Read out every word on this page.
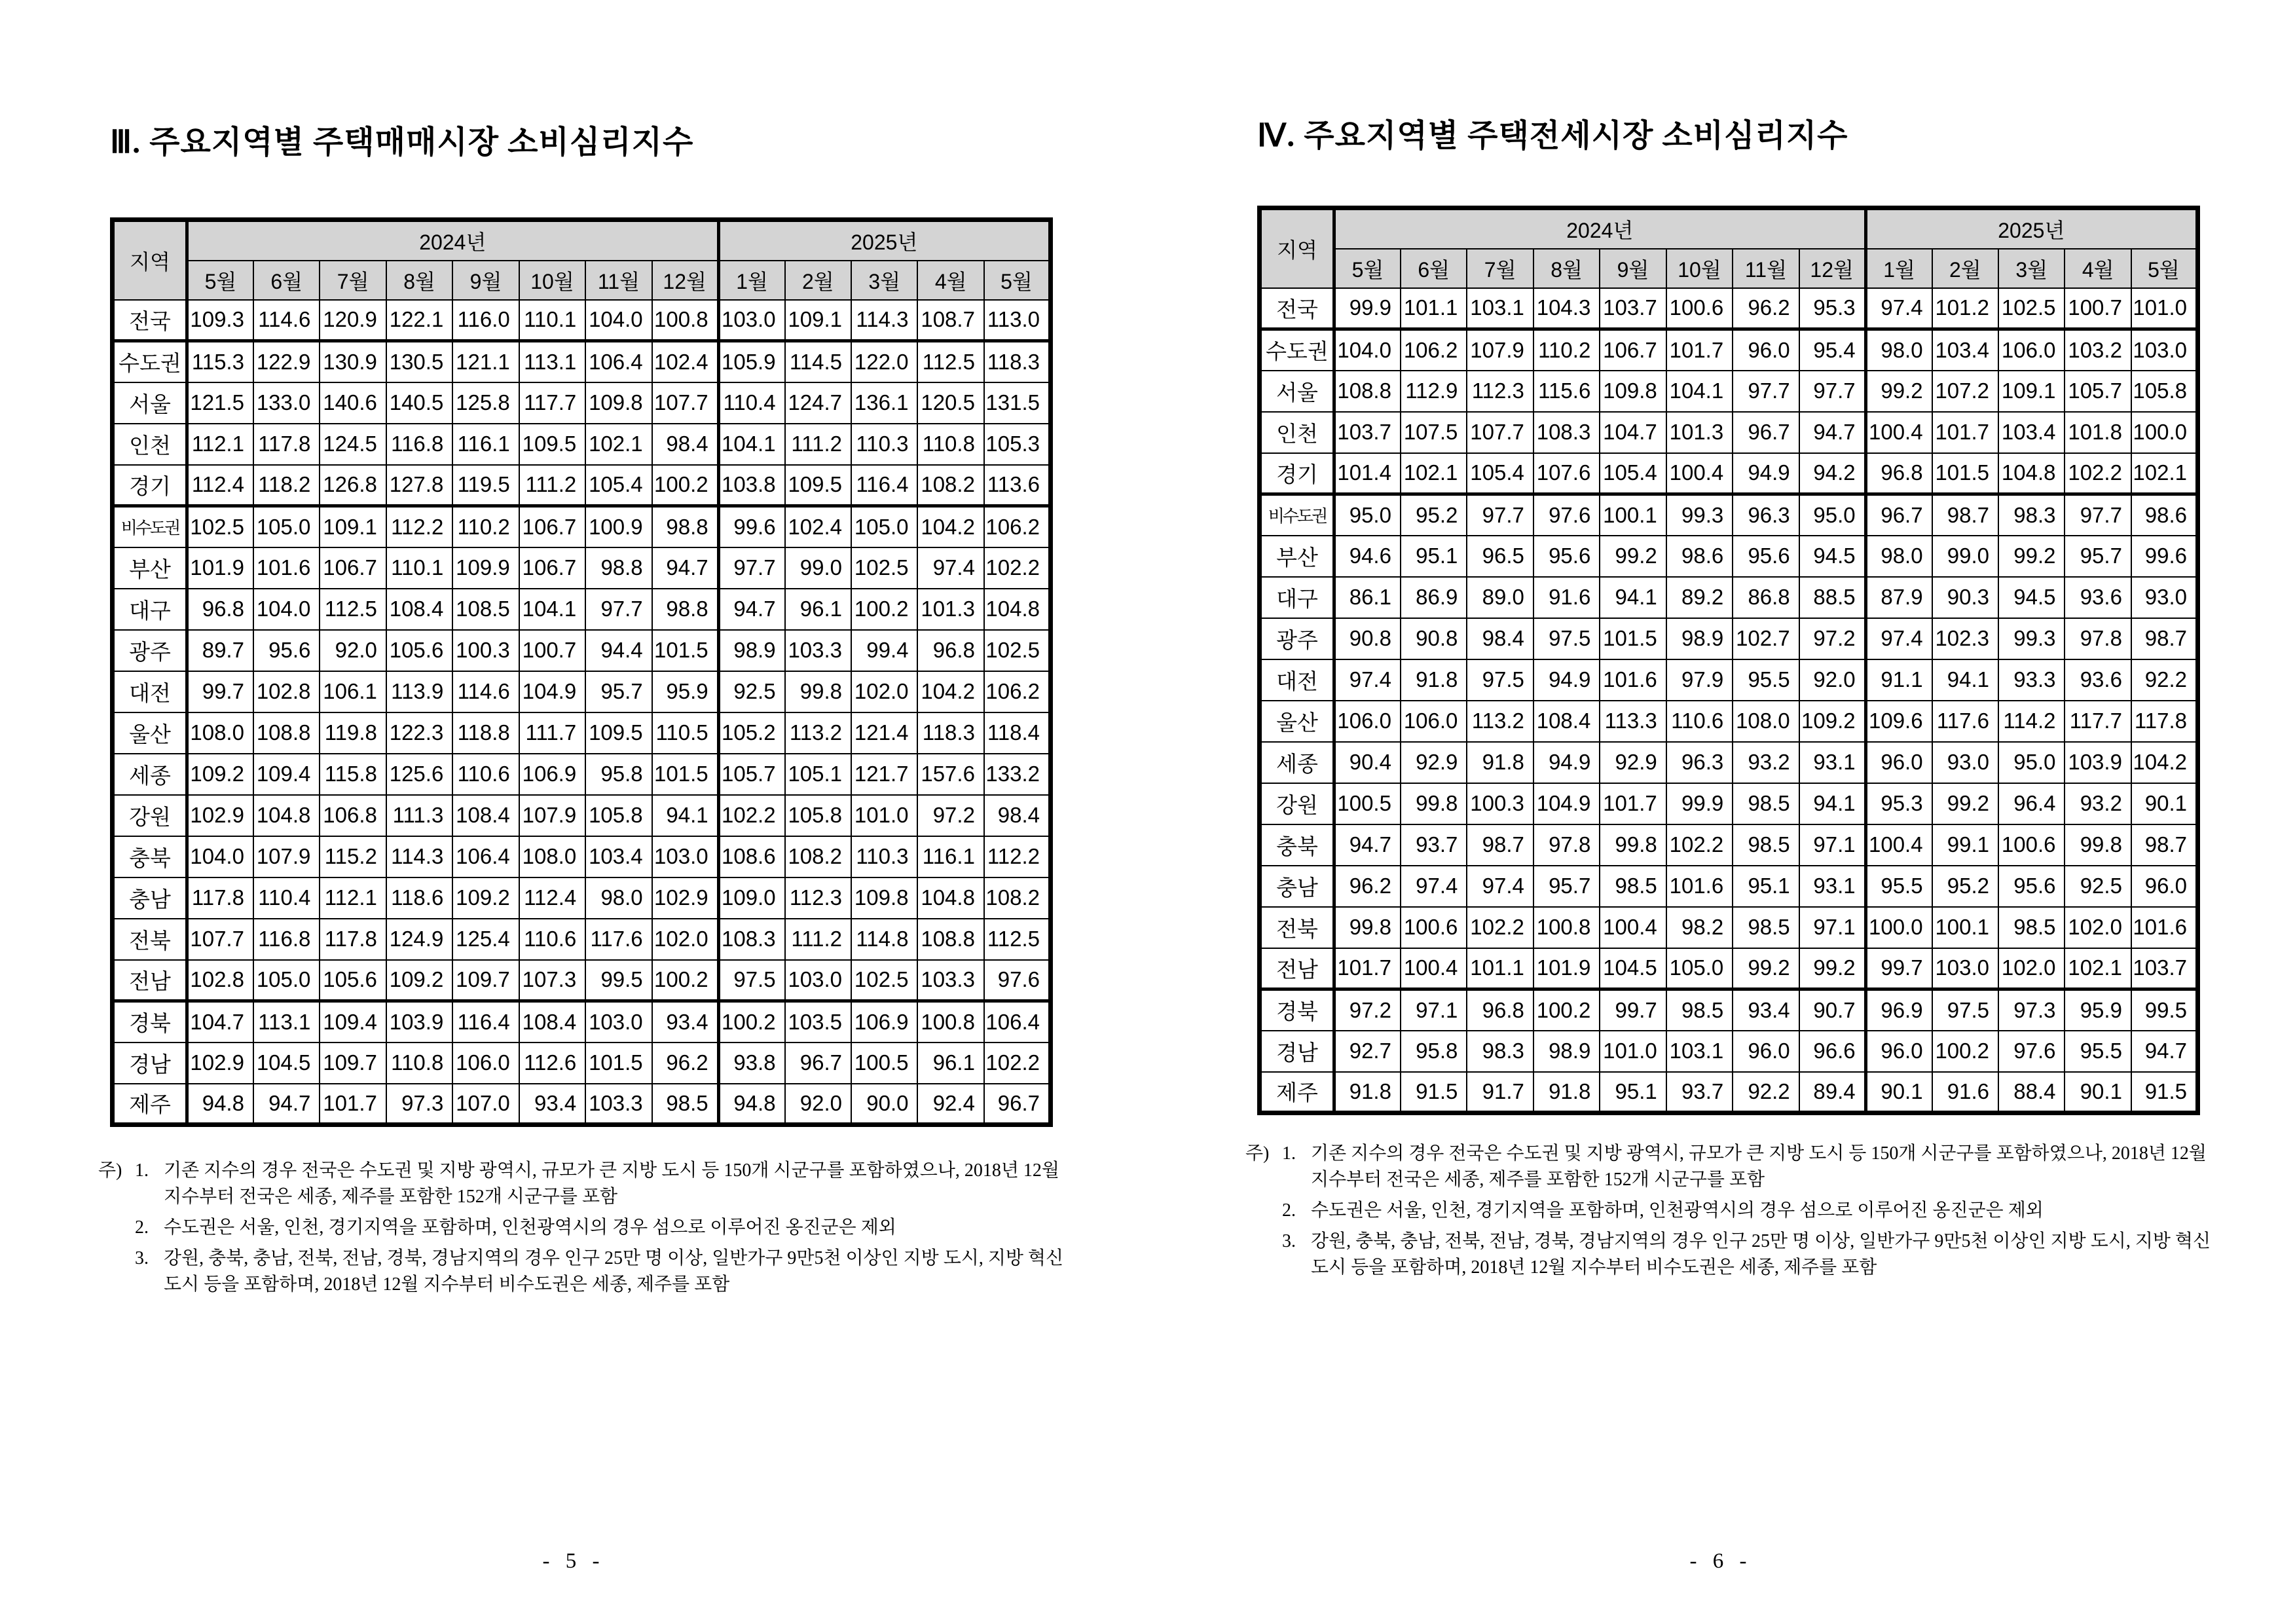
Ⅲ. 주요지역별 주택매매시장 소비심리지수
지역	2024년								2025년				
	5월	6월	7월	8월	9월	10월	11월	12월	1월	2월	3월	4월	5월
전국	109.3	114.6	120.9	122.1	116.0	110.1	104.0	100.8	103.0	109.1	114.3	108.7	113.0
수도권	115.3	122.9	130.9	130.5	121.1	113.1	106.4	102.4	105.9	114.5	122.0	112.5	118.3
서울	121.5	133.0	140.6	140.5	125.8	117.7	109.8	107.7	110.4	124.7	136.1	120.5	131.5
인천	112.1	117.8	124.5	116.8	116.1	109.5	102.1	98.4	104.1	111.2	110.3	110.8	105.3
경기	112.4	118.2	126.8	127.8	119.5	111.2	105.4	100.2	103.8	109.5	116.4	108.2	113.6
비수도권	102.5	105.0	109.1	112.2	110.2	106.7	100.9	98.8	99.6	102.4	105.0	104.2	106.2
부산	101.9	101.6	106.7	110.1	109.9	106.7	98.8	94.7	97.7	99.0	102.5	97.4	102.2
대구	96.8	104.0	112.5	108.4	108.5	104.1	97.7	98.8	94.7	96.1	100.2	101.3	104.8
광주	89.7	95.6	92.0	105.6	100.3	100.7	94.4	101.5	98.9	103.3	99.4	96.8	102.5
대전	99.7	102.8	106.1	113.9	114.6	104.9	95.7	95.9	92.5	99.8	102.0	104.2	106.2
울산	108.0	108.8	119.8	122.3	118.8	111.7	109.5	110.5	105.2	113.2	121.4	118.3	118.4
세종	109.2	109.4	115.8	125.6	110.6	106.9	95.8	101.5	105.7	105.1	121.7	157.6	133.2
강원	102.9	104.8	106.8	111.3	108.4	107.9	105.8	94.1	102.2	105.8	101.0	97.2	98.4
충북	104.0	107.9	115.2	114.3	106.4	108.0	103.4	103.0	108.6	108.2	110.3	116.1	112.2
충남	117.8	110.4	112.1	118.6	109.2	112.4	98.0	102.9	109.0	112.3	109.8	104.8	108.2
전북	107.7	116.8	117.8	124.9	125.4	110.6	117.6	102.0	108.3	111.2	114.8	108.8	112.5
전남	102.8	105.0	105.6	109.2	109.7	107.3	99.5	100.2	97.5	103.0	102.5	103.3	97.6
경북	104.7	113.1	109.4	103.9	116.4	108.4	103.0	93.4	100.2	103.5	106.9	100.8	106.4
경남	102.9	104.5	109.7	110.8	106.0	112.6	101.5	96.2	93.8	96.7	100.5	96.1	102.2
제주	94.8	94.7	101.7	97.3	107.0	93.4	103.3	98.5	94.8	92.0	90.0	92.4	96.7
주) 1. 기존 지수의 경우 전국은 수도권 및 지방 광역시, 규모가 큰 지방 도시 등 150개 시군구를 포함하였으나, 2018년 12월 지수부터 전국은 세종, 제주를 포함한 152개 시군구를 포함
2. 수도권은 서울, 인천, 경기지역을 포함하며, 인천광역시의 경우 섬으로 이루어진 옹진군은 제외
3. 강원, 충북, 충남, 전북, 전남, 경북, 경남지역의 경우 인구 25만 명 이상, 일반가구 9만5천 이상인 지방 도시, 지방 혁신도시 등을 포함하며, 2018년 12월 지수부터 비수도권은 세종, 제주를 포함
- 5 -
Ⅳ. 주요지역별 주택전세시장 소비심리지수
지역	2024년								2025년				
	5월	6월	7월	8월	9월	10월	11월	12월	1월	2월	3월	4월	5월
전국	99.9	101.1	103.1	104.3	103.7	100.6	96.2	95.3	97.4	101.2	102.5	100.7	101.0
수도권	104.0	106.2	107.9	110.2	106.7	101.7	96.0	95.4	98.0	103.4	106.0	103.2	103.0
서울	108.8	112.9	112.3	115.6	109.8	104.1	97.7	97.7	99.2	107.2	109.1	105.7	105.8
인천	103.7	107.5	107.7	108.3	104.7	101.3	96.7	94.7	100.4	101.7	103.4	101.8	100.0
경기	101.4	102.1	105.4	107.6	105.4	100.4	94.9	94.2	96.8	101.5	104.8	102.2	102.1
비수도권	95.0	95.2	97.7	97.6	100.1	99.3	96.3	95.0	96.7	98.7	98.3	97.7	98.6
부산	94.6	95.1	96.5	95.6	99.2	98.6	95.6	94.5	98.0	99.0	99.2	95.7	99.6
대구	86.1	86.9	89.0	91.6	94.1	89.2	86.8	88.5	87.9	90.3	94.5	93.6	93.0
광주	90.8	90.8	98.4	97.5	101.5	98.9	102.7	97.2	97.4	102.3	99.3	97.8	98.7
대전	97.4	91.8	97.5	94.9	101.6	97.9	95.5	92.0	91.1	94.1	93.3	93.6	92.2
울산	106.0	106.0	113.2	108.4	113.3	110.6	108.0	109.2	109.6	117.6	114.2	117.7	117.8
세종	90.4	92.9	91.8	94.9	92.9	96.3	93.2	93.1	96.0	93.0	95.0	103.9	104.2
강원	100.5	99.8	100.3	104.9	101.7	99.9	98.5	94.1	95.3	99.2	96.4	93.2	90.1
충북	94.7	93.7	98.7	97.8	99.8	102.2	98.5	97.1	100.4	99.1	100.6	99.8	98.7
충남	96.2	97.4	97.4	95.7	98.5	101.6	95.1	93.1	95.5	95.2	95.6	92.5	96.0
전북	99.8	100.6	102.2	100.8	100.4	98.2	98.5	97.1	100.0	100.1	98.5	102.0	101.6
전남	101.7	100.4	101.1	101.9	104.5	105.0	99.2	99.2	99.7	103.0	102.0	102.1	103.7
경북	97.2	97.1	96.8	100.2	99.7	98.5	93.4	90.7	96.9	97.5	97.3	95.9	99.5
경남	92.7	95.8	98.3	98.9	101.0	103.1	96.0	96.6	96.0	100.2	97.6	95.5	94.7
제주	91.8	91.5	91.7	91.8	95.1	93.7	92.2	89.4	90.1	91.6	88.4	90.1	91.5
주) 1. 기존 지수의 경우 전국은 수도권 및 지방 광역시, 규모가 큰 지방 도시 등 150개 시군구를 포함하였으나, 2018년 12월 지수부터 전국은 세종, 제주를 포함한 152개 시군구를 포함
2. 수도권은 서울, 인천, 경기지역을 포함하며, 인천광역시의 경우 섬으로 이루어진 옹진군은 제외
3. 강원, 충북, 충남, 전북, 전남, 경북, 경남지역의 경우 인구 25만 명 이상, 일반가구 9만5천 이상인 지방 도시, 지방 혁신도시 등을 포함하며, 2018년 12월 지수부터 비수도권은 세종, 제주를 포함
- 6 -
